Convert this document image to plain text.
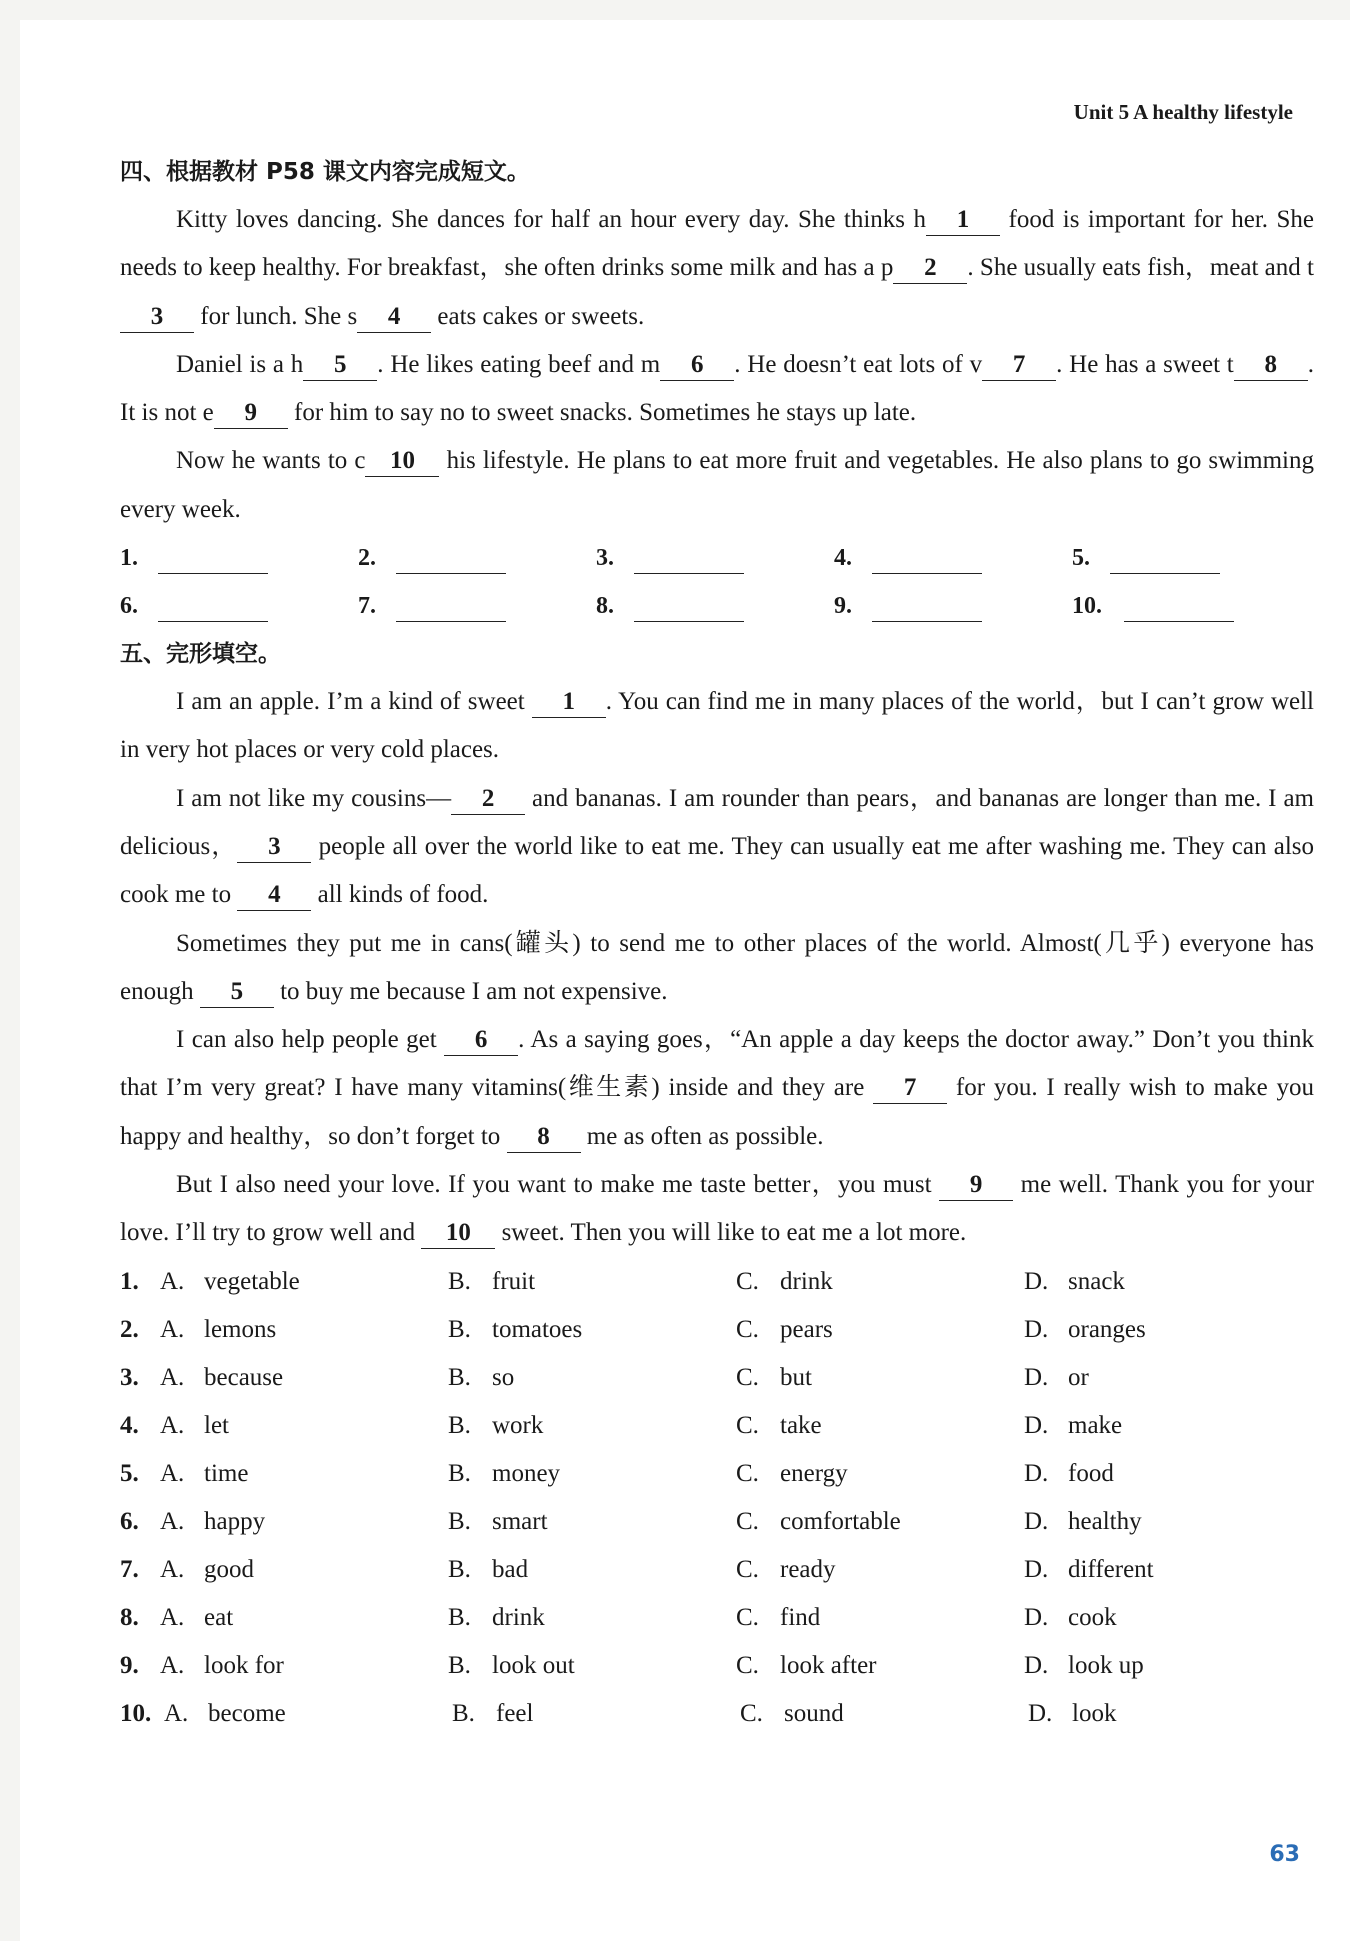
Unit 5 A healthy lifestyle
四、根据教材 P58 课文内容完成短文。

Kitty loves dancing. She dances for half an hour every day. She thinks h 1 food is important for her. She needs to keep healthy. For breakfast，she often drinks some milk and has a p 2 . She usually eats fish，meat and t3 for lunch. She s 4 eats cakes or sweets.

Daniel is a h 5 . He likes eating beef and m 6 . He doesn’t eat lots of v 7 . He has a sweet t 8 . It is not e 9 for him to say no to sweet snacks. Sometimes he stays up late.

Now he wants to c 10 his lifestyle. He plans to eat more fruit and vegetables. He also plans to go swimming every week.

1.	2.	3.	4.	5.
6.	7.	8.	9.	10.
五、完形填空。

I am an apple. I’m a kind of sweet 1 . You can find me in many places of the world，but I can’t grow well in very hot places or very cold places.

I am not like my cousins— 2 and bananas. I am rounder than pears，and bananas are longer than me. I am delicious， 3 people all over the world like to eat me. They can usually eat me after washing me. They can also cook me to 4 all kinds of food.

Sometimes they put me in cans(罐头) to send me to other places of the world. Almost(几乎) everyone has enough 5 to buy me because I am not expensive.

I can also help people get 6 . As a saying goes，“An apple a day keeps the doctor away.” Don’t you think that I’m very great? I have many vitamins(维生素) inside and they are 7 for you. I really wish to make you happy and healthy，so don’t forget to 8 me as often as possible.

But I also need your love. If you want to make me taste better，you must 9 me well. Thank you for your love. I’ll try to grow well and 10 sweet. Then you will like to eat me a lot more.

1. A. vegetable	B. fruit	C. drink	D. snack
2. A. lemons	B. tomatoes	C. pears	D. oranges
3. A. because	B. so	C. but	D. or
4. A. let	B. work	C. take	D. make
5. A. time	B. money	C. energy	D. food
6. A. happy	B. smart	C. comfortable	D. healthy
7. A. good	B. bad	C. ready	D. different
8. A. eat	B. drink	C. find	D. cook
9. A. look for	B. look out	C. look after	D. look up
10. A. become	B. feel	C. sound	D. look
63
